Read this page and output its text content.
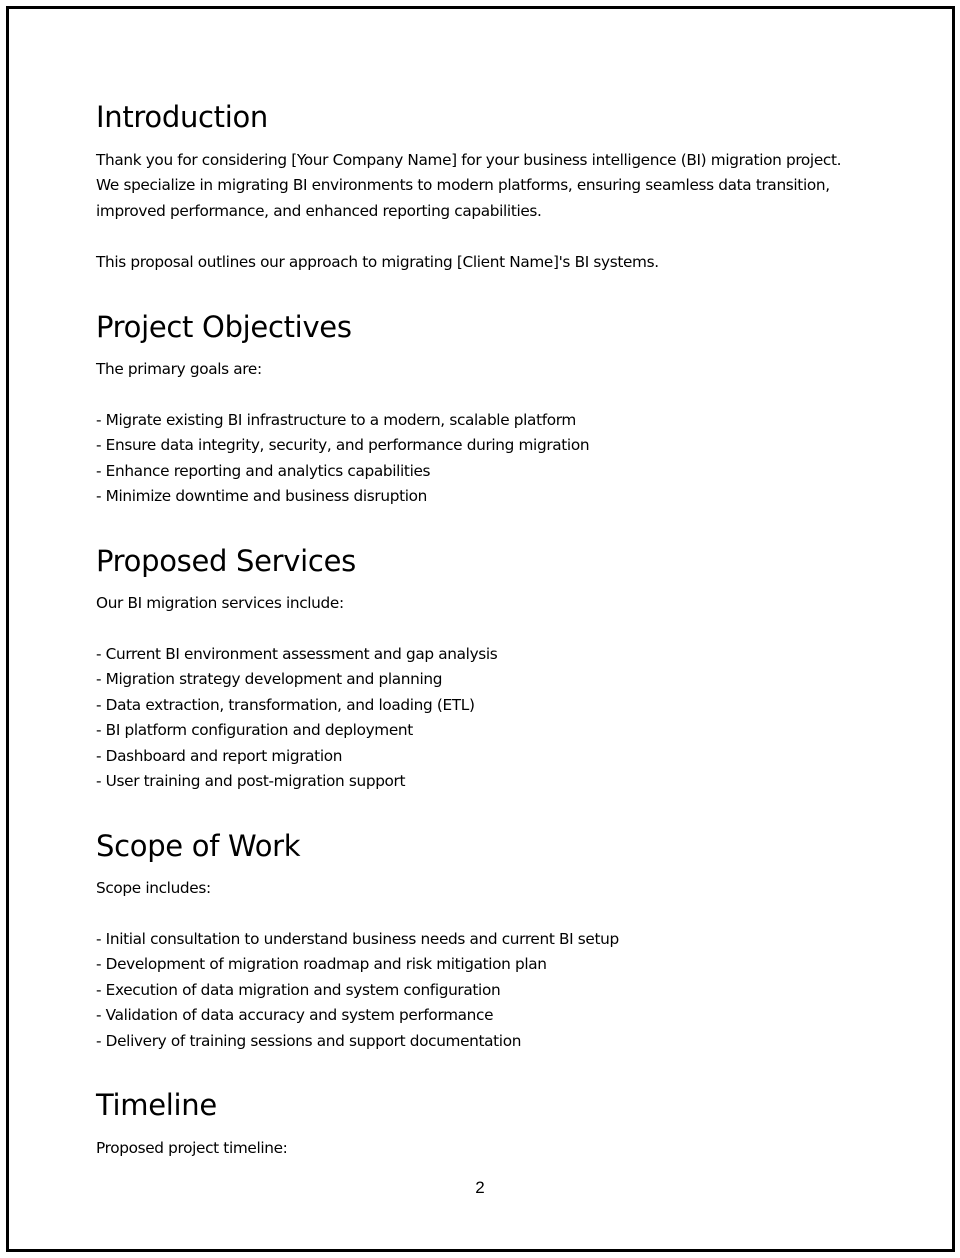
Introduction

Thank you for considering [Your Company Name] for your business intelligence (BI) migration project.

We specialize in migrating BI environments to modern platforms, ensuring seamless data transition,

improved performance, and enhanced reporting capabilities.

This proposal outlines our approach to migrating [Client Name]'s BI systems.

Project Objectives

The primary goals are:

- Migrate existing BI infrastructure to a modern, scalable platform
- Ensure data integrity, security, and performance during migration
- Enhance reporting and analytics capabilities
- Minimize downtime and business disruption
Proposed Services

Our BI migration services include:

- Current BI environment assessment and gap analysis
- Migration strategy development and planning
- Data extraction, transformation, and loading (ETL)
- BI platform configuration and deployment
- Dashboard and report migration
- User training and post-migration support
Scope of Work

Scope includes:

- Initial consultation to understand business needs and current BI setup
- Development of migration roadmap and risk mitigation plan
- Execution of data migration and system configuration
- Validation of data accuracy and system performance
- Delivery of training sessions and support documentation
Timeline

Proposed project timeline:

2
